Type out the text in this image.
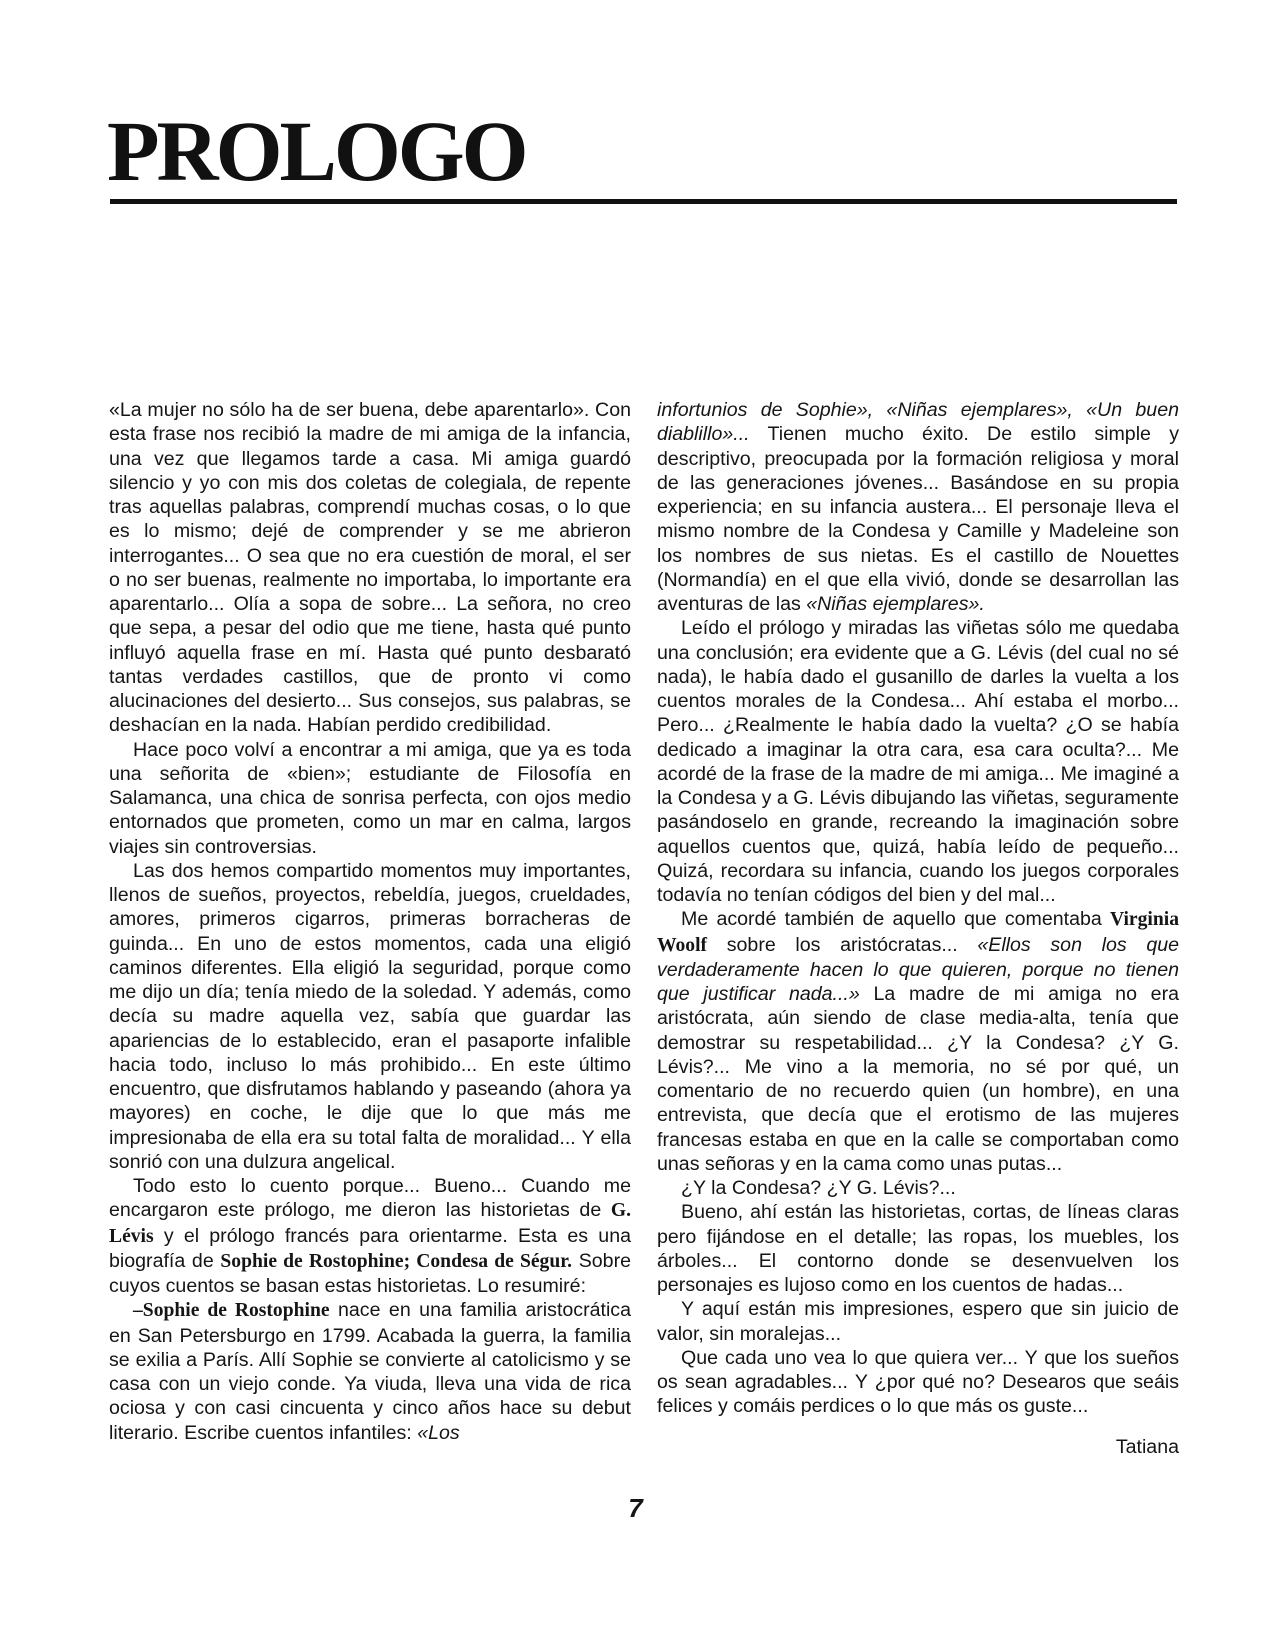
PROLOGO

«La mujer no sólo ha de ser buena, debe aparentarlo». Con esta frase nos recibió la madre de mi amiga de la infancia, una vez que llegamos tarde a casa. Mi amiga guardó silencio y yo con mis dos coletas de colegiala, de repente tras aquellas palabras, comprendí muchas cosas, o lo que es lo mismo; dejé de comprender y se me abrieron interrogantes... O sea que no era cuestión de moral, el ser o no ser buenas, realmente no importaba, lo importante era aparentarlo... Olía a sopa de sobre... La señora, no creo que sepa, a pesar del odio que me tiene, hasta qué punto influyó aquella frase en mí. Hasta qué punto desbarató tantas verdades castillos, que de pronto vi como alucinaciones del desierto... Sus consejos, sus palabras, se deshacían en la nada. Habían perdido credibilidad.

Hace poco volví a encontrar a mi amiga, que ya es toda una señorita de «bien»; estudiante de Filosofía en Salamanca, una chica de sonrisa perfecta, con ojos medio entornados que prometen, como un mar en calma, largos viajes sin controversias.

Las dos hemos compartido momentos muy importantes, llenos de sueños, proyectos, rebeldía, juegos, crueldades, amores, primeros cigarros, primeras borracheras de guinda... En uno de estos momentos, cada una eligió caminos diferentes. Ella eligió la seguridad, porque como me dijo un día; tenía miedo de la soledad. Y además, como decía su madre aquella vez, sabía que guardar las apariencias de lo establecido, eran el pasaporte infalible hacia todo, incluso lo más prohibido... En este último encuentro, que disfrutamos hablando y paseando (ahora ya mayores) en coche, le dije que lo que más me impresionaba de ella era su total falta de moralidad... Y ella sonrió con una dulzura angelical.

Todo esto lo cuento porque... Bueno... Cuando me encargaron este prólogo, me dieron las historietas de G. Lévis y el prólogo francés para orientarme. Esta es una biografía de Sophie de Rostophine; Condesa de Ségur. Sobre cuyos cuentos se basan estas historietas. Lo resumiré:

–Sophie de Rostophine nace en una familia aristocrática en San Petersburgo en 1799. Acabada la guerra, la familia se exilia a París. Allí Sophie se convierte al catolicismo y se casa con un viejo conde. Ya viuda, lleva una vida de rica ociosa y con casi cincuenta y cinco años hace su debut literario. Escribe cuentos infantiles: «Los

infortunios de Sophie», «Niñas ejemplares», «Un buen diablillo»... Tienen mucho éxito. De estilo simple y descriptivo, preocupada por la formación religiosa y moral de las generaciones jóvenes... Basándose en su propia experiencia; en su infancia austera... El personaje lleva el mismo nombre de la Condesa y Camille y Madeleine son los nombres de sus nietas. Es el castillo de Nouettes (Normandía) en el que ella vivió, donde se desarrollan las aventuras de las «Niñas ejemplares».

Leído el prólogo y miradas las viñetas sólo me quedaba una conclusión; era evidente que a G. Lévis (del cual no sé nada), le había dado el gusanillo de darles la vuelta a los cuentos morales de la Condesa... Ahí estaba el morbo... Pero... ¿Realmente le había dado la vuelta? ¿O se había dedicado a imaginar la otra cara, esa cara oculta?... Me acordé de la frase de la madre de mi amiga... Me imaginé a la Condesa y a G. Lévis dibujando las viñetas, seguramente pasándoselo en grande, recreando la imaginación sobre aquellos cuentos que, quizá, había leído de pequeño... Quizá, recordara su infancia, cuando los juegos corporales todavía no tenían códigos del bien y del mal...

Me acordé también de aquello que comentaba Virginia Woolf sobre los aristócratas... «Ellos son los que verdaderamente hacen lo que quieren, porque no tienen que justificar nada...» La madre de mi amiga no era aristócrata, aún siendo de clase media-alta, tenía que demostrar su respetabilidad... ¿Y la Condesa? ¿Y G. Lévis?... Me vino a la memoria, no sé por qué, un comentario de no recuerdo quien (un hombre), en una entrevista, que decía que el erotismo de las mujeres francesas estaba en que en la calle se comportaban como unas señoras y en la cama como unas putas...

¿Y la Condesa? ¿Y G. Lévis?...

Bueno, ahí están las historietas, cortas, de líneas claras pero fijándose en el detalle; las ropas, los muebles, los árboles... El contorno donde se desenvuelven los personajes es lujoso como en los cuentos de hadas...

Y aquí están mis impresiones, espero que sin juicio de valor, sin moralejas...

Que cada uno vea lo que quiera ver... Y que los sueños os sean agradables... Y ¿por qué no? Desearos que seáis felices y comáis perdices o lo que más os guste...

Tatiana

7
